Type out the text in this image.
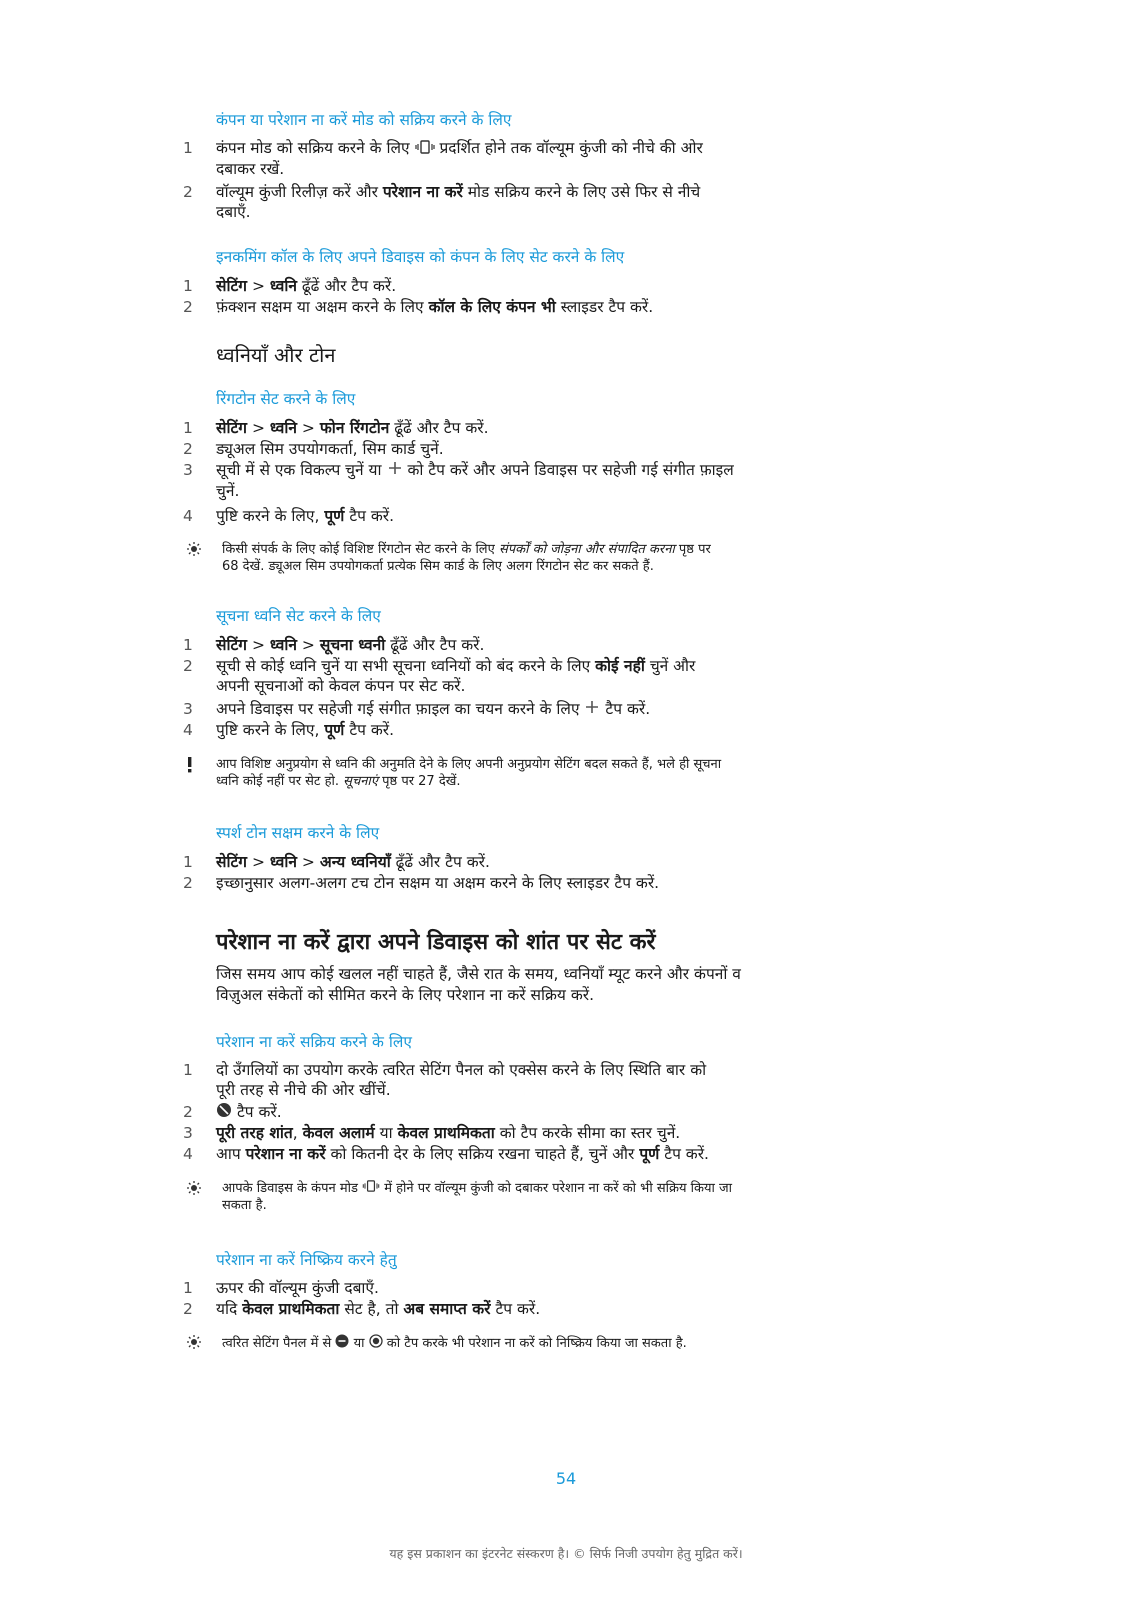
कंपन या परेशान ना करें मोड को सक्रिय करने के लिए
1 कंपन मोड को सक्रिय करने के लिए प्रदर्शित होने तक वॉल्यूम कुंजी को नीचे की ओर
दबाकर रखें.
2 वॉल्यूम कुंजी रिलीज़ करें और परेशान ना करें मोड सक्रिय करने के लिए उसे फिर से नीचे
दबाएँ.
इनकमिंग कॉल के लिए अपने डिवाइस को कंपन के लिए सेट करने के लिए
1 सेटिंग > ध्वनि ढूँढें और टैप करें.
2 फ़ंक्शन सक्षम या अक्षम करने के लिए कॉल के लिए कंपन भी स्लाइडर टैप करें.
ध्वनियाँ और टोन
रिंगटोन सेट करने के लिए
1 सेटिंग > ध्वनि > फोन रिंगटोन ढूँढें और टैप करें.
2 ड्यूअल सिम उपयोगकर्ता, सिम कार्ड चुनें.
3 सूची में से एक विकल्प चुनें या को टैप करें और अपने डिवाइस पर सहेजी गई संगीत फ़ाइल
चुनें.
4 पुष्टि करने के लिए, पूर्ण टैप करें.
किसी संपर्क के लिए कोई विशिष्ट रिंगटोन सेट करने के लिए संपर्कों को जोड़ना और संपादित करना पृष्ठ पर
68 देखें. ड्यूअल सिम उपयोगकर्ता प्रत्येक सिम कार्ड के लिए अलग रिंगटोन सेट कर सकते हैं.
सूचना ध्वनि सेट करने के लिए
1 सेटिंग > ध्वनि > सूचना ध्वनी ढूँढें और टैप करें.
2 सूची से कोई ध्वनि चुनें या सभी सूचना ध्वनियों को बंद करने के लिए कोई नहीं चुनें और
अपनी सूचनाओं को केवल कंपन पर सेट करें.
3 अपने डिवाइस पर सहेजी गई संगीत फ़ाइल का चयन करने के लिए टैप करें.
4 पुष्टि करने के लिए, पूर्ण टैप करें.
आप विशिष्ट अनुप्रयोग से ध्वनि की अनुमति देने के लिए अपनी अनुप्रयोग सेटिंग बदल सकते हैं, भले ही सूचना
ध्वनि कोई नहीं पर सेट हो. सूचनाएं पृष्ठ पर 27 देखें.
स्पर्श टोन सक्षम करने के लिए
1 सेटिंग > ध्वनि > अन्य ध्वनियाँ ढूँढें और टैप करें.
2 इच्छानुसार अलग-अलग टच टोन सक्षम या अक्षम करने के लिए स्लाइडर टैप करें.
परेशान ना करें द्वारा अपने डिवाइस को शांत पर सेट करें
जिस समय आप कोई खलल नहीं चाहते हैं, जैसे रात के समय, ध्वनियाँ म्यूट करने और कंपनों व
विज़ुअल संकेतों को सीमित करने के लिए परेशान ना करें सक्रिय करें.
परेशान ना करें सक्रिय करने के लिए
1 दो उँगलियों का उपयोग करके त्वरित सेटिंग पैनल को एक्सेस करने के लिए स्थिति बार को
पूरी तरह से नीचे की ओर खींचें.
2	टैप करें.
3 पूरी तरह शांत, केवल अलार्म या केवल प्राथमिकता को टैप करके सीमा का स्तर चुनें.
4 आप परेशान ना करें को कितनी देर के लिए सक्रिय रखना चाहते हैं, चुनें और पूर्ण टैप करें.
आपके डिवाइस के कंपन मोड में होने पर वॉल्यूम कुंजी को दबाकर परेशान ना करें को भी सक्रिय किया जा
सकता है.
परेशान ना करें निष्क्रिय करने हेतु
1 ऊपर की वॉल्यूम कुंजी दबाएँ.
2 यदि केवल प्राथमिकता सेट है, तो अब समाप्त करें टैप करें.
त्वरित सेटिंग पैनल में से या को टैप करके भी परेशान ना करें को निष्क्रिय किया जा सकता है.
54
यह इस प्रकाशन का इंटरनेट संस्करण है। © सिर्फ निजी उपयोग हेतु मुद्रित करें।
